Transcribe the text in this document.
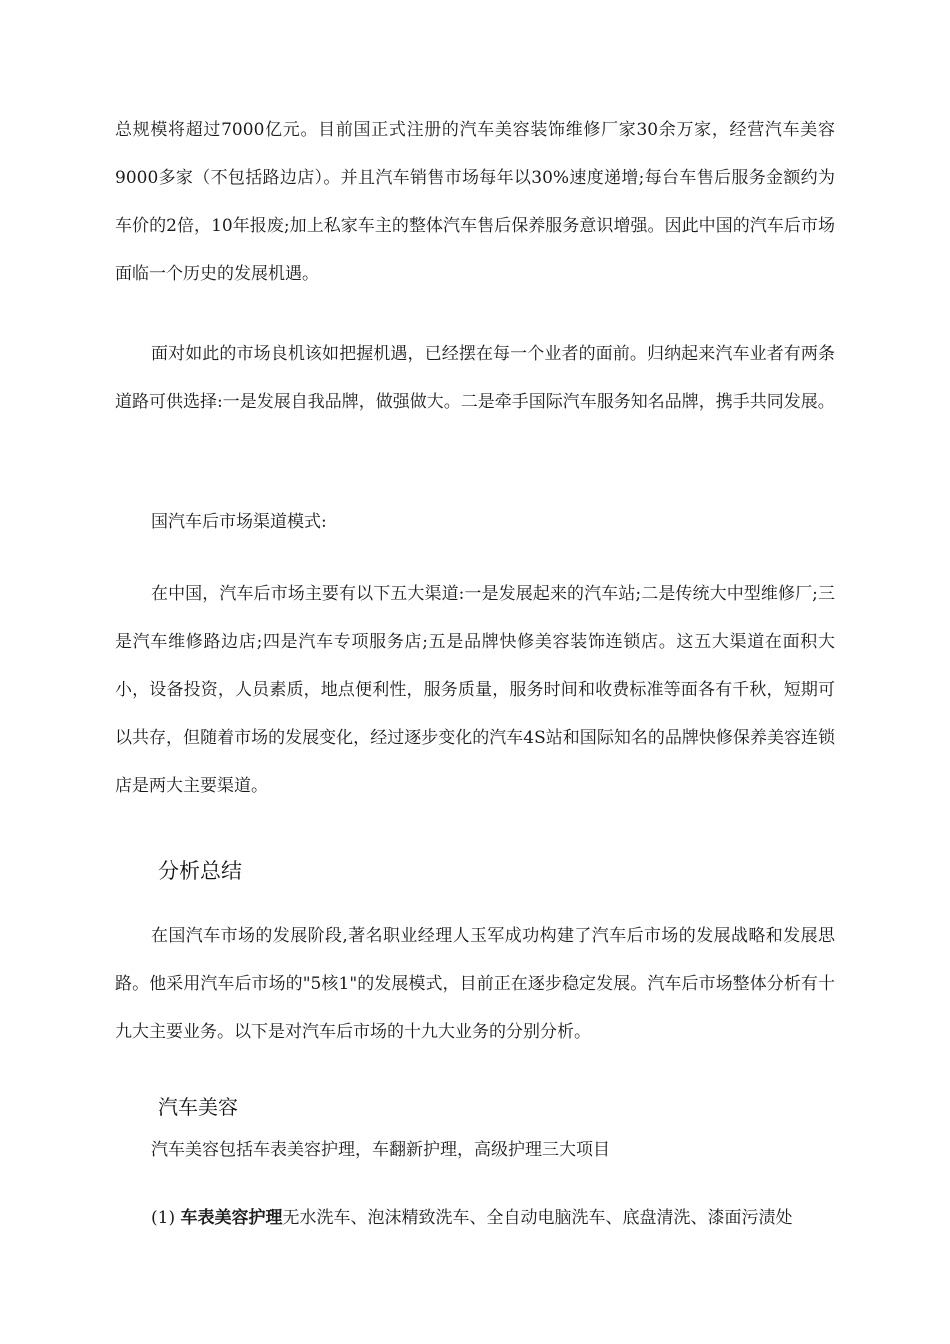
总规模将超过7000亿元。目前国正式注册的汽车美容装饰维修厂家30余万家，经营汽车美容9000多家（不包括路边店）。并且汽车销售市场每年以30%速度递增;每台车售后服务金额约为车价的2倍，10年报废;加上私家车主的整体汽车售后保养服务意识增强。因此中国的汽车后市场面临一个历史的发展机遇。

面对如此的市场良机该如把握机遇，已经摆在每一个业者的面前。归纳起来汽车业者有两条道路可供选择:一是发展自我品牌，做强做大。二是牵手国际汽车服务知名品牌，携手共同发展。

国汽车后市场渠道模式:

在中国，汽车后市场主要有以下五大渠道:一是发展起来的汽车站;二是传统大中型维修厂;三是汽车维修路边店;四是汽车专项服务店;五是品牌快修美容装饰连锁店。这五大渠道在面积大小，设备投资，人员素质，地点便利性，服务质量，服务时间和收费标准等面各有千秋，短期可以共存，但随着市场的发展变化，经过逐步变化的汽车4S站和国际知名的品牌快修保养美容连锁店是两大主要渠道。

分析总结

在国汽车市场的发展阶段,著名职业经理人玉军成功构建了汽车后市场的发展战略和发展思路。他采用汽车后市场的"5核1"的发展模式，目前正在逐步稳定发展。汽车后市场整体分析有十九大主要业务。以下是对汽车后市场的十九大业务的分别分析。

汽车美容

汽车美容包括车表美容护理，车翻新护理，高级护理三大项目

(1) 车表美容护理无水洗车、泡沫精致洗车、全自动电脑洗车、底盘清洗、漆面污渍处
